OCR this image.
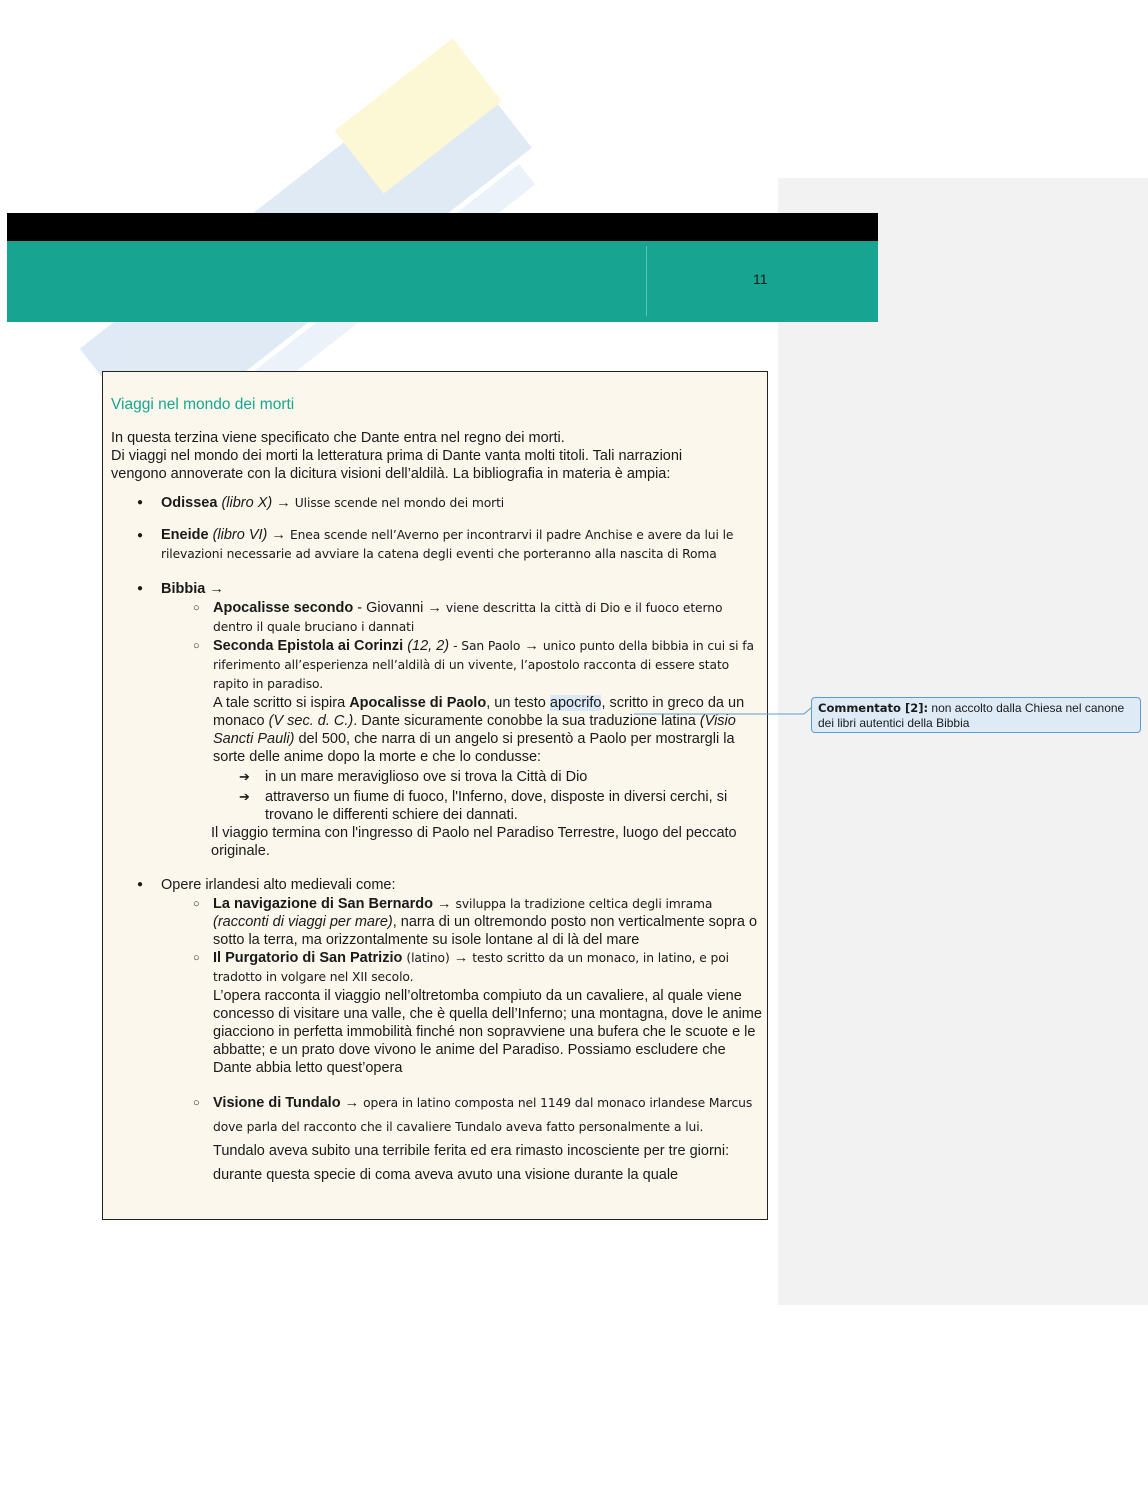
11
Viaggi nel mondo dei morti

In questa terzina viene specificato che Dante entra nel regno dei morti.
Di viaggi nel mondo dei morti la letteratura prima di Dante vanta molti titoli. Tali narrazioni
vengono annoverate con la dicitura visioni dell’aldilà. La bibliografia in materia è ampia:

● Odissea (libro X) → Ulisse scende nel mondo dei morti
● Eneide (libro VI) → Enea scende nell’Averno per incontrarvi il padre Anchise e avere da lui le rilevazioni necessarie ad avviare la catena degli eventi che porteranno alla nascita di Roma
● Bibbia →
○ Apocalisse secondo - Giovanni → viene descritta la città di Dio e il fuoco eterno dentro il quale bruciano i dannati
○ Seconda Epistola ai Corinzi (12, 2) - San Paolo → unico punto della bibbia in cui si fa riferimento all’esperienza nell’aldilà di un vivente, l’apostolo racconta di essere stato rapito in paradiso.
A tale scritto si ispira Apocalisse di Paolo, un testo apocrifo, scritto in greco da un monaco (V sec. d. C.). Dante sicuramente conobbe la sua traduzione latina (Visio Sancti Pauli) del 500, che narra di un angelo si presentò a Paolo per mostrargli la sorte delle anime dopo la morte e che lo condusse:
➔ in un mare meraviglioso ove si trova la Città di Dio
➔ attraverso un fiume di fuoco, l'Inferno, dove, disposte in diversi cerchi, si trovano le differenti schiere dei dannati.
Il viaggio termina con l'ingresso di Paolo nel Paradiso Terrestre, luogo del peccato originale.
● Opere irlandesi alto medievali come:
○ La navigazione di San Bernardo → sviluppa la tradizione celtica degli imrama (racconti di viaggi per mare), narra di un oltremondo posto non verticalmente sopra o sotto la terra, ma orizzontalmente su isole lontane al di là del mare
○ Il Purgatorio di San Patrizio (latino) → testo scritto da un monaco, in latino, e poi tradotto in volgare nel XII secolo.
L’opera racconta il viaggio nell’oltretomba compiuto da un cavaliere, al quale viene concesso di visitare una valle, che è quella dell’Inferno; una montagna, dove le anime giacciono in perfetta immobilità finché non sopravviene una bufera che le scuote e le abbatte; e un prato dove vivono le anime del Paradiso. Possiamo escludere che Dante abbia letto quest’opera
○ Visione di Tundalo → opera in latino composta nel 1149 dal monaco irlandese Marcus dove parla del racconto che il cavaliere Tundalo aveva fatto personalmente a lui.
Tundalo aveva subito una terribile ferita ed era rimasto incosciente per tre giorni: durante questa specie di coma aveva avuto una visione durante la quale
Commentato [2]: non accolto dalla Chiesa nel canone dei libri autentici della Bibbia
